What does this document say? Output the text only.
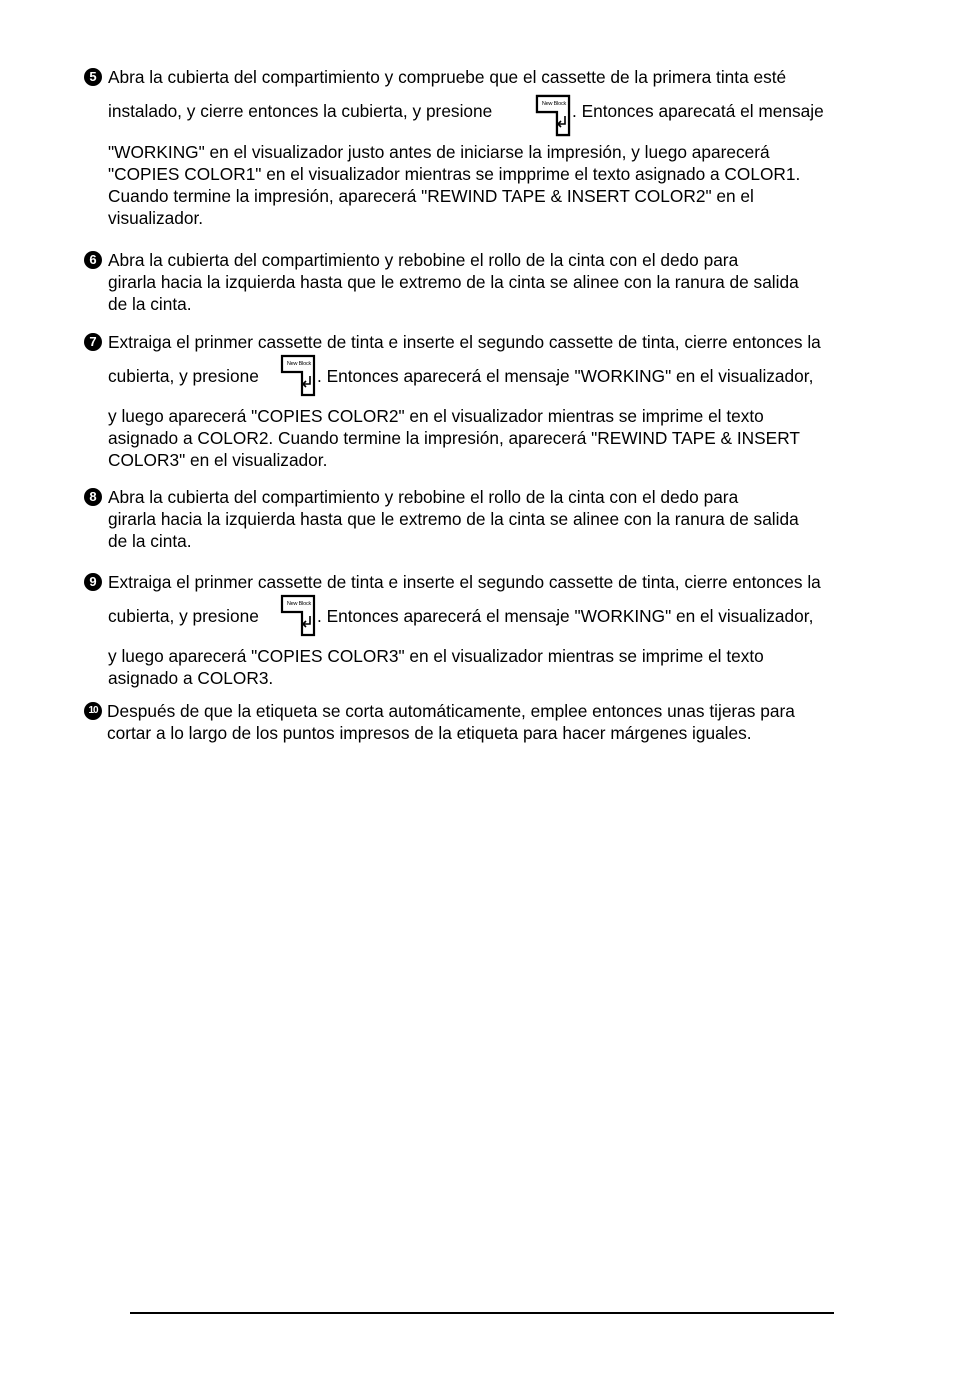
5 Abra la cubierta del compartimiento y compruebe que el cassette de la primera tinta esté
instalado, y cierre entonces la cubierta, y presione	New Block . Entonces aparecatá el mensaje
"WORKING" en el visualizador justo antes de iniciarse la impresión, y luego aparecerá
"COPIES COLOR1" en el visualizador mientras se impprime el texto asignado a COLOR1.
Cuando termine la impresión, aparecerá "REWIND TAPE & INSERT COLOR2" en el
visualizador.
6 Abra la cubierta del compartimiento y rebobine el rollo de la cinta con el dedo para
girarla hacia la izquierda hasta que le extremo de la cinta se alinee con la ranura de salida
de la cinta.
7 Extraiga el prinmer cassette de tinta e inserte el segundo cassette de tinta, cierre entonces la
cubierta, y presione
New Block
. Entonces aparecerá el mensaje "WORKING" en el visualizador,
y luego aparecerá "COPIES COLOR2" en el visualizador mientras se imprime el texto
asignado a COLOR2. Cuando termine la impresión, aparecerá "REWIND TAPE & INSERT
COLOR3" en el visualizador.
8 Abra la cubierta del compartimiento y rebobine el rollo de la cinta con el dedo para
girarla hacia la izquierda hasta que le extremo de la cinta se alinee con la ranura de salida
de la cinta.
9 Extraiga el prinmer cassette de tinta e inserte el segundo cassette de tinta, cierre entonces la
cubierta, y presione
New Block
. Entonces aparecerá el mensaje "WORKING" en el visualizador,
y luego aparecerá "COPIES COLOR3" en el visualizador mientras se imprime el texto
asignado a COLOR3.
10 Después de que la etiqueta se corta automáticamente, emplee entonces unas tijeras para
cortar a lo largo de los puntos impresos de la etiqueta para hacer márgenes iguales.
